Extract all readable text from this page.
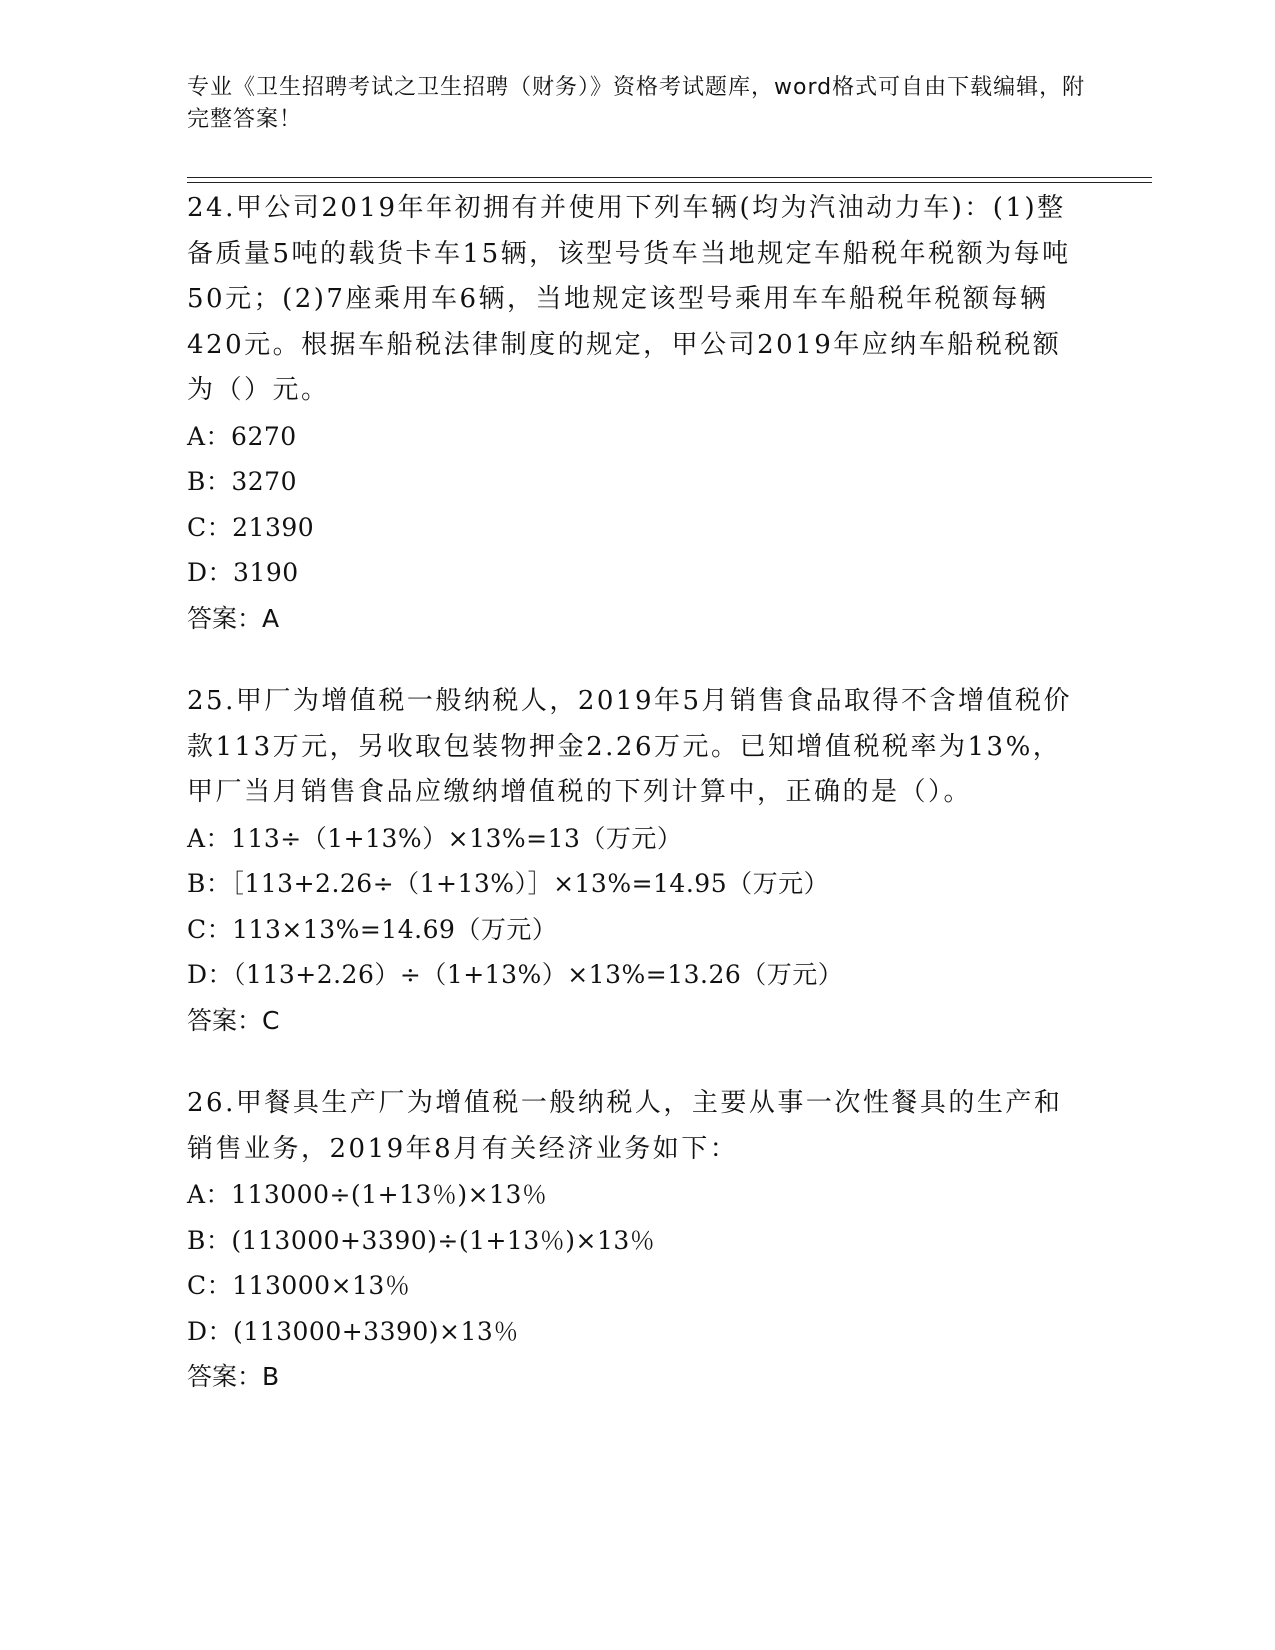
专业《卫生招聘考试之卫生招聘（财务）》资格考试题库，word格式可自由下载编辑，附完整答案！

24.甲公司2019年年初拥有并使用下列车辆(均为汽油动力车)：(1)整备质量5吨的载货卡车15辆，该型号货车当地规定车船税年税额为每吨50元；(2)7座乘用车6辆，当地规定该型号乘用车车船税年税额每辆420元。根据车船税法律制度的规定，甲公司2019年应纳车船税税额为（）元。

A：6270

B：3270

C：21390

D：3190

答案：A

25.甲厂为增值税一般纳税人，2019年5月销售食品取得不含增值税价款113万元，另收取包装物押金2.26万元。已知增值税税率为13%，甲厂当月销售食品应缴纳增值税的下列计算中，正确的是（）。

A：113÷（1+13%）×13%=13（万元）

B：［113+2.26÷（1+13%）］×13%=14.95（万元）

C：113×13%=14.69（万元）

D：（113+2.26）÷（1+13%）×13%=13.26（万元）

答案：C

26.甲餐具生产厂为增值税一般纳税人，主要从事一次性餐具的生产和销售业务，2019年8月有关经济业务如下：

A：113000÷(1+13％)×13％

B：(113000+3390)÷(1+13％)×13％

C：113000×13％

D：(113000+3390)×13％

答案：B
